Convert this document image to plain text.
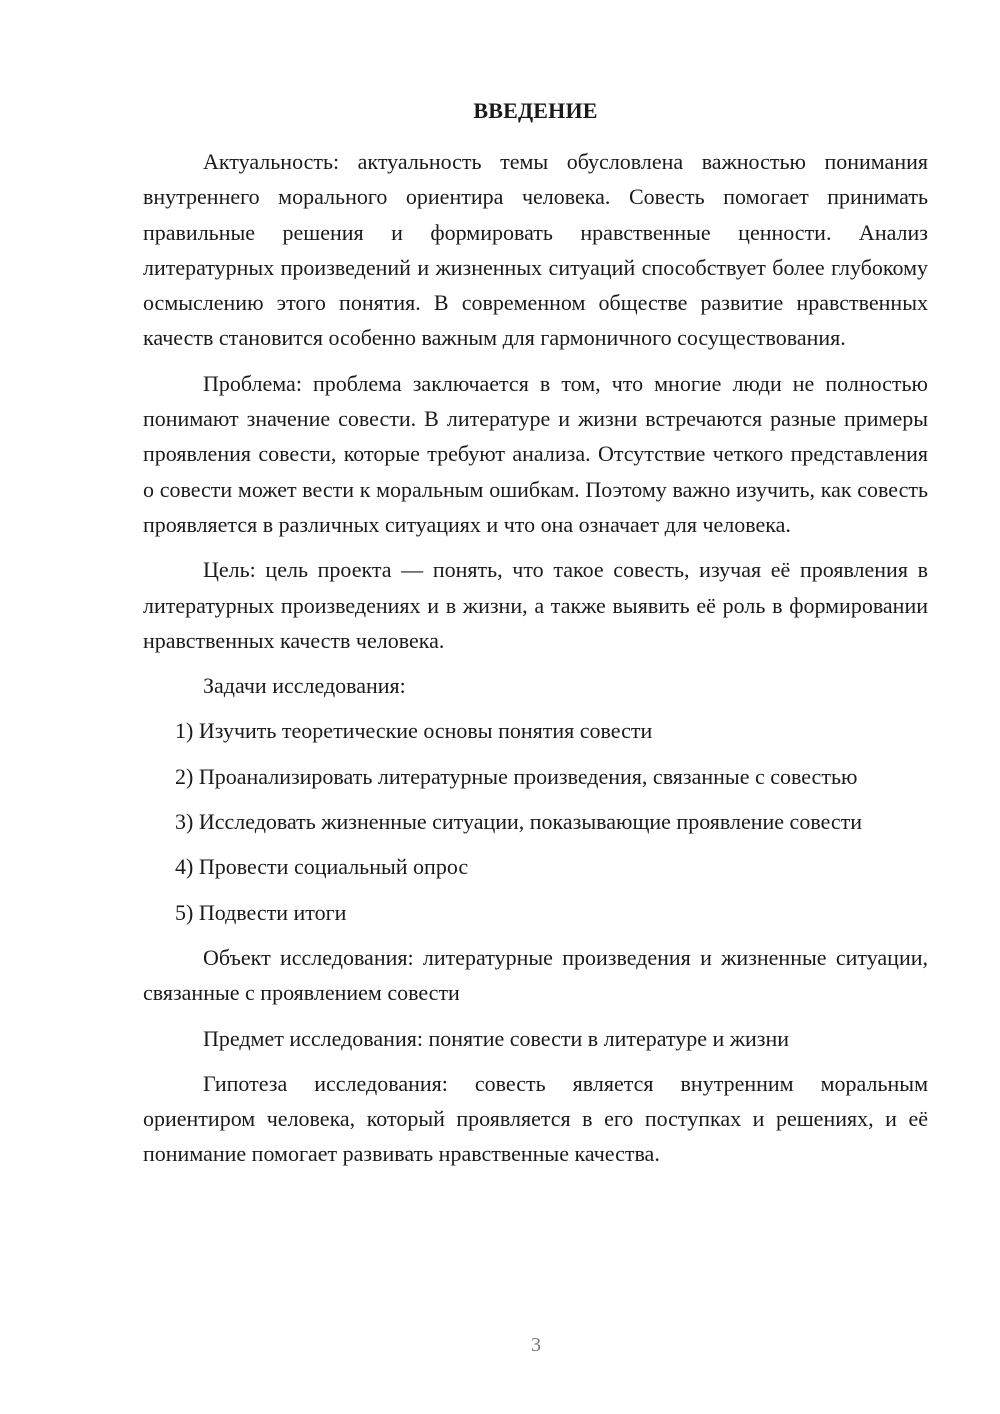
ВВЕДЕНИЕ

Актуальность: актуальность темы обусловлена важностью понимания внутреннего морального ориентира человека. Совесть помогает принимать правильные решения и формировать нравственные ценности. Анализ литературных произведений и жизненных ситуаций способствует более глубокому осмыслению этого понятия. В современном обществе развитие нравственных качеств становится особенно важным для гармоничного сосуществования.

Проблема: проблема заключается в том, что многие люди не полностью понимают значение совести. В литературе и жизни встречаются разные примеры проявления совести, которые требуют анализа. Отсутствие четкого представления о совести может вести к моральным ошибкам. Поэтому важно изучить, как совесть проявляется в различных ситуациях и что она означает для человека.

Цель: цель проекта — понять, что такое совесть, изучая её проявления в литературных произведениях и в жизни, а также выявить её роль в формировании нравственных качеств человека.

Задачи исследования:

1) Изучить теоретические основы понятия совести

2) Проанализировать литературные произведения, связанные с совестью

3) Исследовать жизненные ситуации, показывающие проявление совести

4) Провести социальный опрос

5) Подвести итоги

Объект исследования: литературные произведения и жизненные ситуации, связанные с проявлением совести

Предмет исследования: понятие совести в литературе и жизни

Гипотеза исследования: совесть является внутренним моральным ориентиром человека, который проявляется в его поступках и решениях, и её понимание помогает развивать нравственные качества.

3
